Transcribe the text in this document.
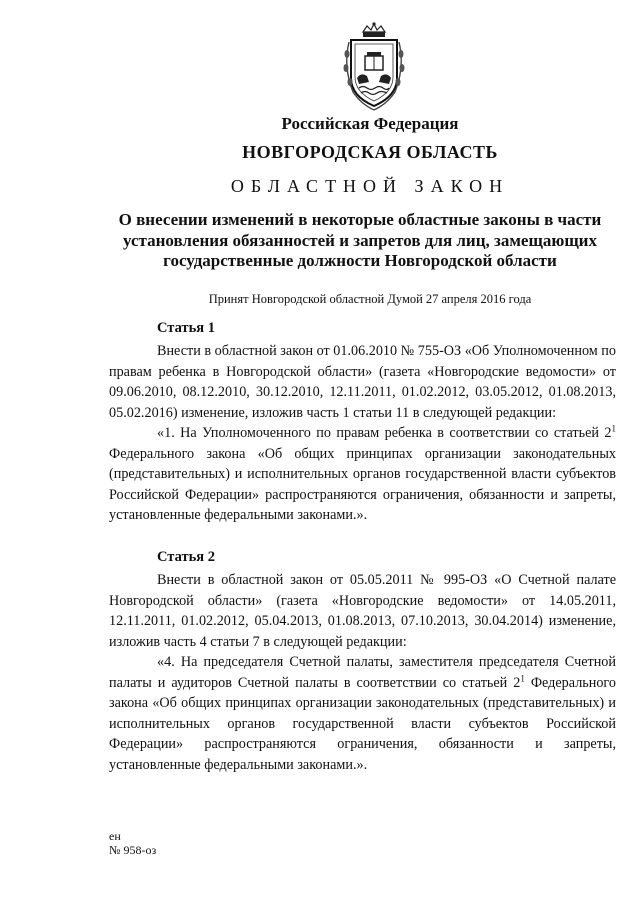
Российская Федерация
НОВГОРОДСКАЯ ОБЛАСТЬ
ОБЛАСТНОЙ ЗАКОН
О внесении изменений в некоторые областные законы в части установления обязанностей и запретов для лиц, замещающих государственные должности Новгородской области
Принят Новгородской областной Думой 27 апреля 2016 года
Статья 1

Внести в областной закон от 01.06.2010 № 755-ОЗ «Об Уполномоченном по правам ребенка в Новгородской области» (газета «Новгородские ведомости» от 09.06.2010, 08.12.2010, 30.12.2010, 12.11.2011, 01.02.2012, 03.05.2012, 01.08.2013, 05.02.2016) изменение, изложив часть 1 статьи 11 в следующей редакции:

«1. На Уполномоченного по правам ребенка в соответствии со статьей $2^1$ Федерального закона «Об общих принципах организации законодательных (представительных) и исполнительных органов государственной власти субъектов Российской Федерации» распространяются ограничения, обязанности и запреты, установленные федеральными законами.».

Статья 2

Внести в областной закон от 05.05.2011 № 995-ОЗ «О Счетной палате Новгородской области» (газета «Новгородские ведомости» от 14.05.2011, 12.11.2011, 01.02.2012, 05.04.2013, 01.08.2013, 07.10.2013, 30.04.2014) изменение, изложив часть 4 статьи 7 в следующей редакции:

«4. На председателя Счетной палаты, заместителя председателя Счетной палаты и аудиторов Счетной палаты в соответствии со статьей $2^1$ Федерального закона «Об общих принципах организации законодательных (представительных) и исполнительных органов государственной власти субъектов Российской Федерации» распространяются ограничения, обязанности и запреты, установленные федеральными законами.».

ен
№ 958-оз
